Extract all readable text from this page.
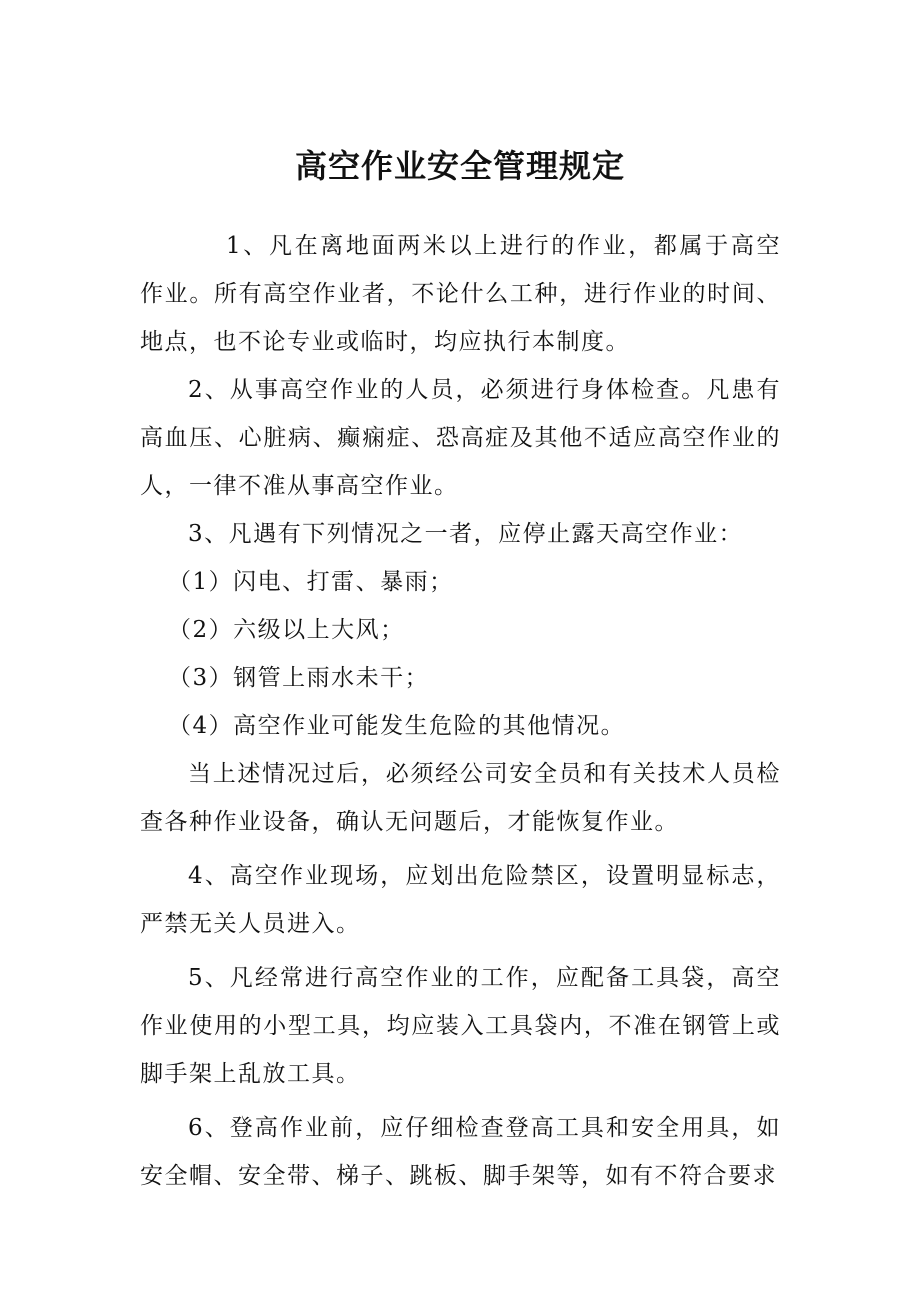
高空作业安全管理规定

1、凡在离地面两米以上进行的作业，都属于高空作业。所有高空作业者，不论什么工种，进行作业的时间、地点，也不论专业或临时，均应执行本制度。

2、从事高空作业的人员，必须进行身体检查。凡患有高血压、心脏病、癫痫症、恐高症及其他不适应高空作业的人，一律不准从事高空作业。

3、凡遇有下列情况之一者，应停止露天高空作业：

（1）闪电、打雷、暴雨；

（2）六级以上大风；

（3）钢管上雨水未干；

（4）高空作业可能发生危险的其他情况。

当上述情况过后，必须经公司安全员和有关技术人员检查各种作业设备，确认无问题后，才能恢复作业。

4、高空作业现场，应划出危险禁区，设置明显标志，严禁无关人员进入。

5、凡经常进行高空作业的工作，应配备工具袋，高空作业使用的小型工具，均应装入工具袋内，不准在钢管上或脚手架上乱放工具。

6、登高作业前，应仔细检查登高工具和安全用具，如安全帽、安全带、梯子、跳板、脚手架等，如有不符合要求
